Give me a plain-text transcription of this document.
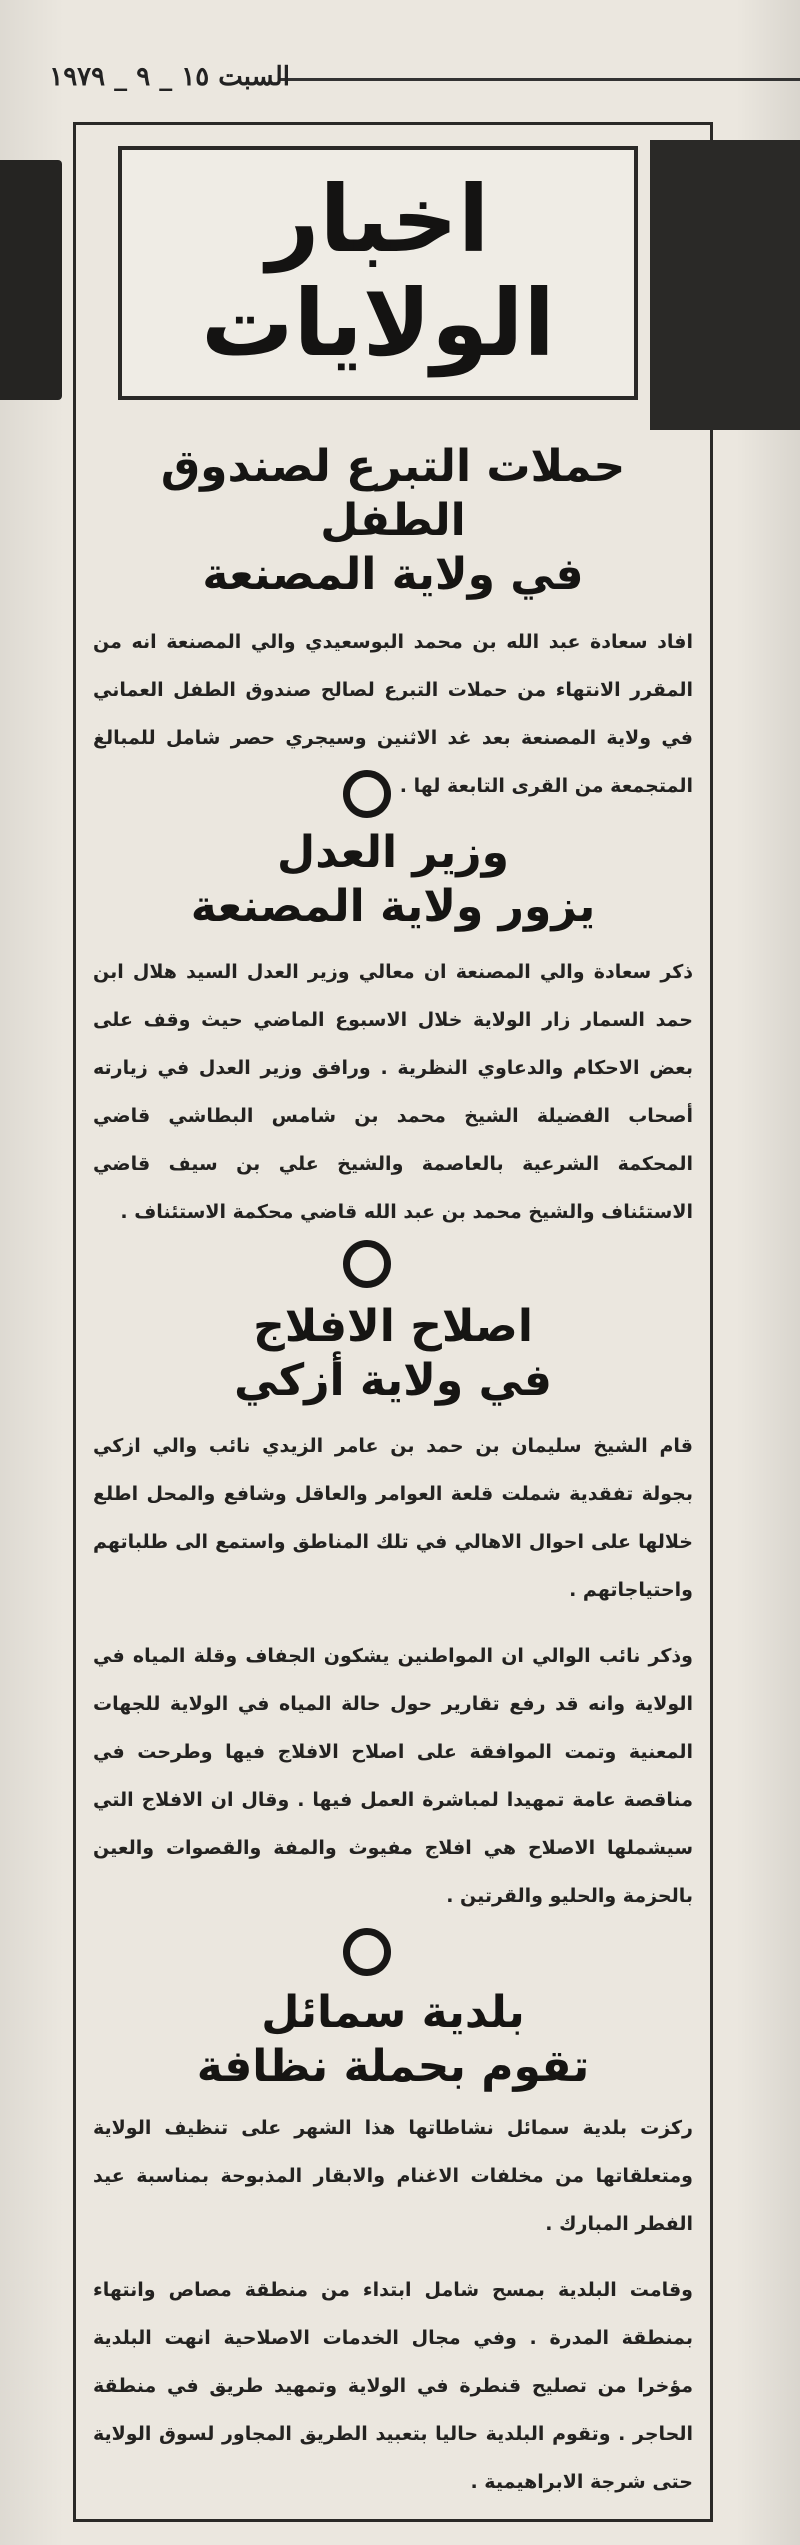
السبت ١٥ _ ٩ _ ١٩٧٩
اخبار
الولايات
حملات التبرع لصندوق الطفل
في ولاية المصنعة

افاد سعادة عبد الله بن محمد البوسعيدي والي المصنعة انه من المقرر الانتهاء من حملات التبرع لصالح صندوق الطفل العماني في ولاية المصنعة بعد غد الاثنين وسيجري حصر شامل للمبالغ المتجمعة من القرى التابعة لها .

وزير العدل
يزور ولاية المصنعة

ذكر سعادة والي المصنعة ان معالي وزير العدل السيد هلال ابن حمد السمار زار الولاية خلال الاسبوع الماضي حيث وقف على بعض الاحكام والدعاوي النظرية . ورافق وزير العدل في زيارته أصحاب الفضيلة الشيخ محمد بن شامس البطاشي قاضي المحكمة الشرعية بالعاصمة والشيخ علي بن سيف قاضي الاستئناف والشيخ محمد بن عبد الله قاضي محكمة الاستئناف .

اصلاح الافلاج
في ولاية أزكي

قام الشيخ سليمان بن حمد بن عامر الزيدي نائب والي ازكي بجولة تفقدية شملت قلعة العوامر والعاقل وشافع والمحل اطلع خلالها على احوال الاهالي في تلك المناطق واستمع الى طلباتهم واحتياجاتهم .

وذكر نائب الوالي ان المواطنين يشكون الجفاف وقلة المياه في الولاية وانه قد رفع تقارير حول حالة المياه في الولاية للجهات المعنية وتمت الموافقة على اصلاح الافلاج فيها وطرحت في مناقصة عامة تمهيدا لمباشرة العمل فيها . وقال ان الافلاج التي سيشملها الاصلاح هي افلاج مفيوث والمفة والقصوات والعين بالحزمة والحليو والقرتين .

بلدية سمائل
تقوم بحملة نظافة

ركزت بلدية سمائل نشاطاتها هذا الشهر على تنظيف الولاية ومتعلقاتها من مخلفات الاغنام والابقار المذبوحة بمناسبة عيد الفطر المبارك .

وقامت البلدية بمسح شامل ابتداء من منطقة مصاص وانتهاء بمنطقة المدرة . وفي مجال الخدمات الاصلاحية انهت البلدية مؤخرا من تصليح قنطرة في الولاية وتمهيد طريق في منطقة الحاجر . وتقوم البلدية حاليا بتعبيد الطريق المجاور لسوق الولاية حتى شرجة الابراهيمية .
